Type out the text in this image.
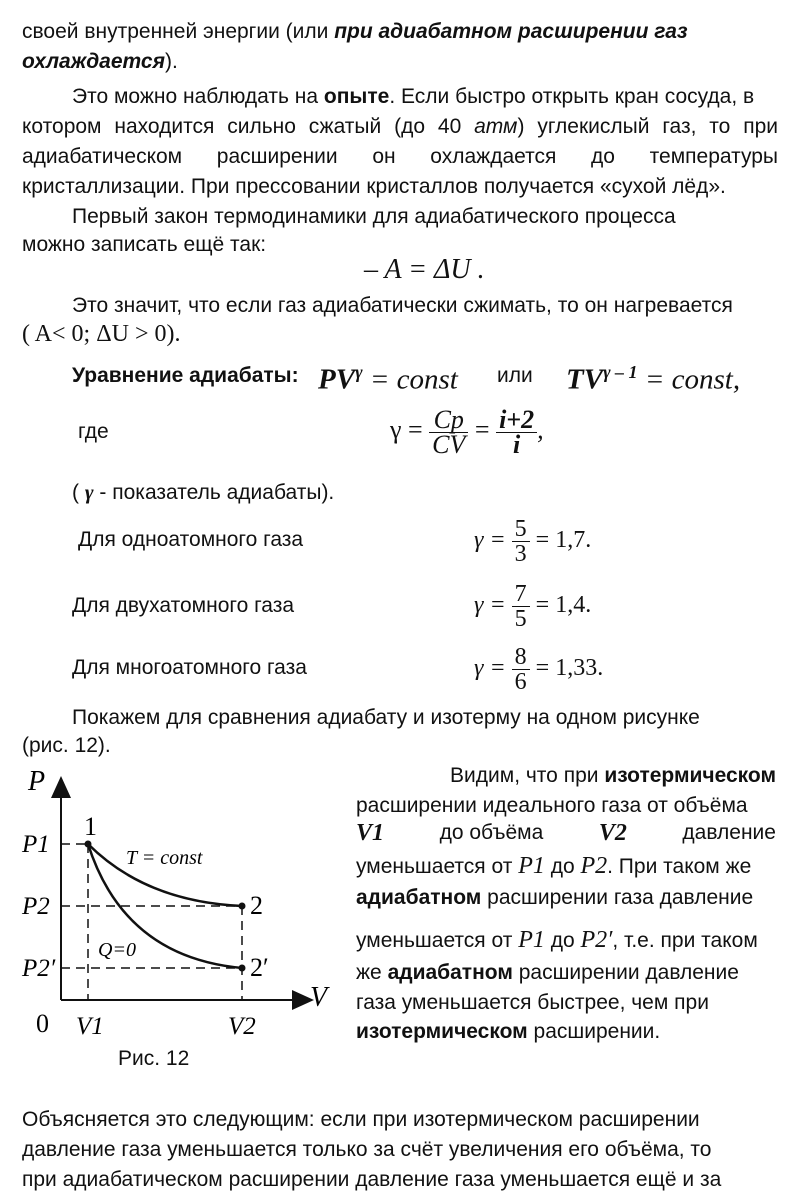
своей внутренней энергии (или при адиабатном расширении газ
охлаждается).
Это можно наблюдать на опыте. Если быстро открыть кран сосуда, в
котором находится сильно сжатый (до 40 атм) углекислый газ, то при
адиабатическом расширении он охлаждается до температуры
кристаллизации. При прессовании кристаллов получается «сухой лёд».
Первый закон термодинамики для адиабатического процесса
можно записать ещё так:
– A = ΔU .
Это значит, что если газ адиабатически сжимать, то он нагревается
( A< 0; ΔU > 0).
Уравнение адиабаты: $PV^\gamma$ = const или $TV^{\gamma - 1}$ = const,
где	$\gamma = \frac{Cp}{CV} = \frac{i+2}{i}$ ,
( γ - показатель адиабаты).
Для одноатомного газа	$\gamma = \frac{5}{3} = 1,7$.
Для двухатомного газа	$\gamma = \frac{7}{5} = 1,4$.
Для многоатомного газа	$\gamma = \frac{8}{6} = 1,33$.
Покажем для сравнения адиабату и изотерму на одном рисунке
(рис. 12).
P
V
0
P1
P2
P2′
V1	V2
1
2
2′
T = const
Q=0
Рис. 12
Видим, что при изотермическом
расширении идеального газа от объёма
V1	до объёма V2	давление
уменьшается от P1 до P2. При таком же
адиабатном расширении газа давление
уменьшается от P1 до P2′, т.е. при таком
же адиабатном расширении давление
газа уменьшается быстрее, чем при
изотермическом расширении.
Объясняется это следующим: если при изотермическом расширении
давление газа уменьшается только за счёт увеличения его объёма, то
при адиабатическом расширении давление газа уменьшается ещё и за
